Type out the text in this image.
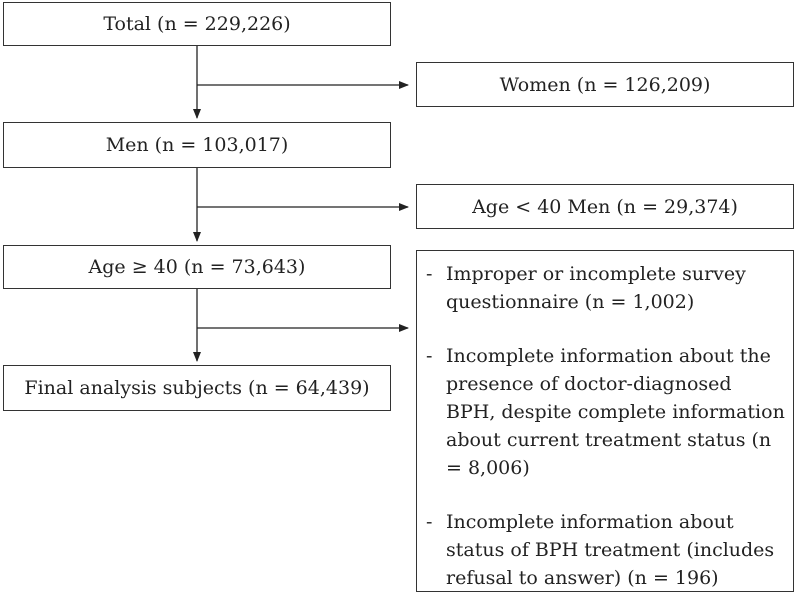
Total (n = 229,226)
Women (n = 126,209)
Men (n = 103,017)
Age < 40 Men (n = 29,374)
Age ≥ 40 (n = 73,643)
Final analysis subjects (n = 64,439)
- Improper or incomplete survey questionnaire (n = 1,002)
- Incomplete information about the presence of doctor-diagnosed BPH, despite complete information about current treatment status (n = 8,006)
- Incomplete information about status of BPH treatment (includes refusal to answer) (n = 196)
